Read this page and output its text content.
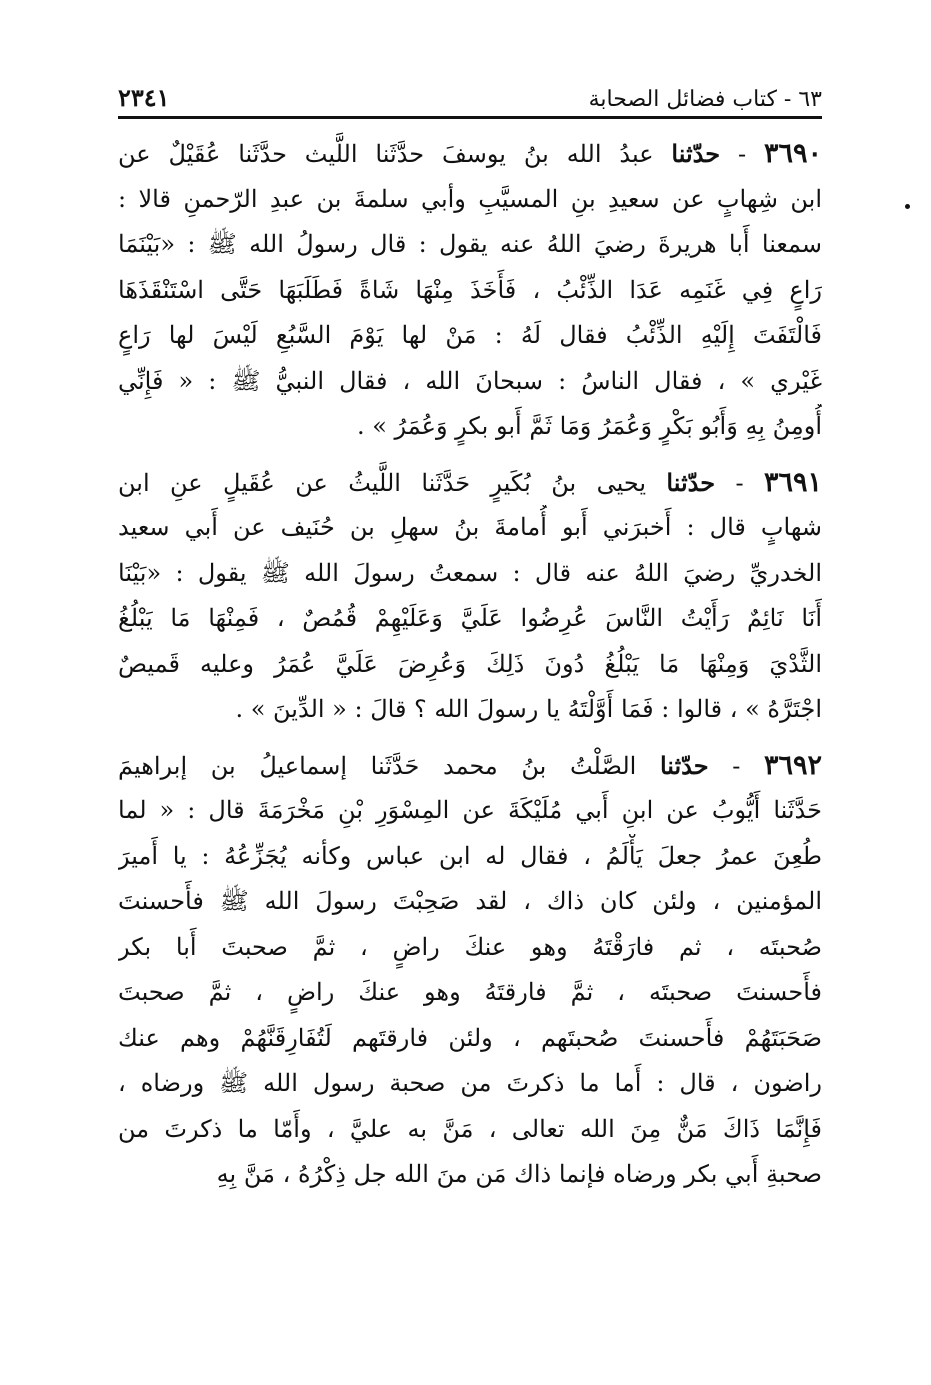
٦٣ - كتاب فضائل الصحابة
٢٣٤١
٣٦٩٠ - حدّثنا عبدُ الله بنُ يوسفَ حدَّثَنا اللَّيث حدَّثَنا عُقَيْلٌ عن
ابن شِهابٍ عن سعيدِ بنِ المسيَّبِ وأبي سلمةَ بن عبدِ الرّحمنِ قالا :
سمعنا أَبا هريرةَ رضيَ اللهُ عنه يقول : قال رسولُ الله ﷺ : «بَيْنَمَا
رَاعٍ فِي غَنَمِه عَدَا الذِّئْبُ ، فَأَخَذَ مِنْهَا شَاةً فَطَلَبَهَا حَتَّى اسْتَنْقَذَهَا
فَالْتَفَتَ إِلَيْهِ الذِّئْبُ فقال لَهُ : مَنْ لها يَوْمَ السَّبُعِ لَيْسَ لها رَاعٍ
غَيْري » ، فقال الناسُ : سبحانَ الله ، فقال النبيُّ ﷺ : « فَإِنِّي
أُومِنُ بِهِ وَأَبُو بَكْرٍ وَعُمَرُ وَمَا ثَمَّ أَبو بكرٍ وَعُمَرُ » .
٣٦٩١ - حدّثنا يحيى بنُ بُكَيرٍ حَدَّثَنا اللَّيثُ عن عُقَيلٍ عنِ ابن
شهابٍ قال : أَخبرَني أَبو أُمامةَ بنُ سهلِ بن حُنَيف عن أَبي سعيد
الخدريِّ رضيَ اللهُ عنه قال : سمعتُ رسولَ الله ﷺ يقول : «بَيْنَا
أَنَا نَائِمٌ رَأَيْتُ النَّاسَ عُرِضُوا عَلَيَّ وَعَلَيْهِمْ قُمُصٌ ، فَمِنْهَا مَا يَبْلُغُ
الثَّدْيَ وَمِنْهَا مَا يَبْلُغُ دُونَ ذَلِكَ وَعُرِضَ عَلَيَّ عُمَرُ وعليه قَميصٌ
اجْتَرَّهُ » ، قالوا : فَمَا أَوَّلْتَهُ يا رسولَ الله ؟ قالَ : « الدِّينَ » .
٣٦٩٢ - حدّثنا الصَّلْتُ بنُ محمد حَدَّثَنا إسماعيلُ بن إبراهيمَ
حَدَّثَنا أَيُّوبُ عن ابنِ أَبي مُلَيْكَةَ عن المِسْوَرِ بْنِ مَخْرَمَةَ قال : « لما
طُعِنَ عمرُ جعلَ يَأْلَمُ ، فقال له ابن عباس وكأنه يُجَزِّعُهُ : يا أَميرَ
المؤمنين ، ولئن كان ذاك ، لقد صَحِبْتَ رسولَ الله ﷺ فأَحسنتَ
صُحبتَه ، ثم فارَقْتَهُ وهو عنكَ راضٍ ، ثمَّ صحبتَ أَبا بكر
فأَحسنتَ صحبتَه ، ثمَّ فارقتَهُ وهو عنكَ راضٍ ، ثمَّ صحبتَ
صَحَبَتَهُمْ فأَحسنتَ صُحبتَهم ، ولئن فارقتَهم لَتُفَارِقَنَّهُمْ وهم عنك
راضون ، قال : أَما ما ذكرتَ من صحبة رسول الله ﷺ ورضاه ،
فَإِنَّمَا ذَاكَ مَنٌّ مِنَ الله تعالى ، مَنَّ به عليَّ ، وأَمّا ما ذكرتَ من
صحبةِ أَبي بكر ورضاه فإنما ذاك مَن منَ الله جل ذِكْرُهُ ، مَنَّ بِهِ
